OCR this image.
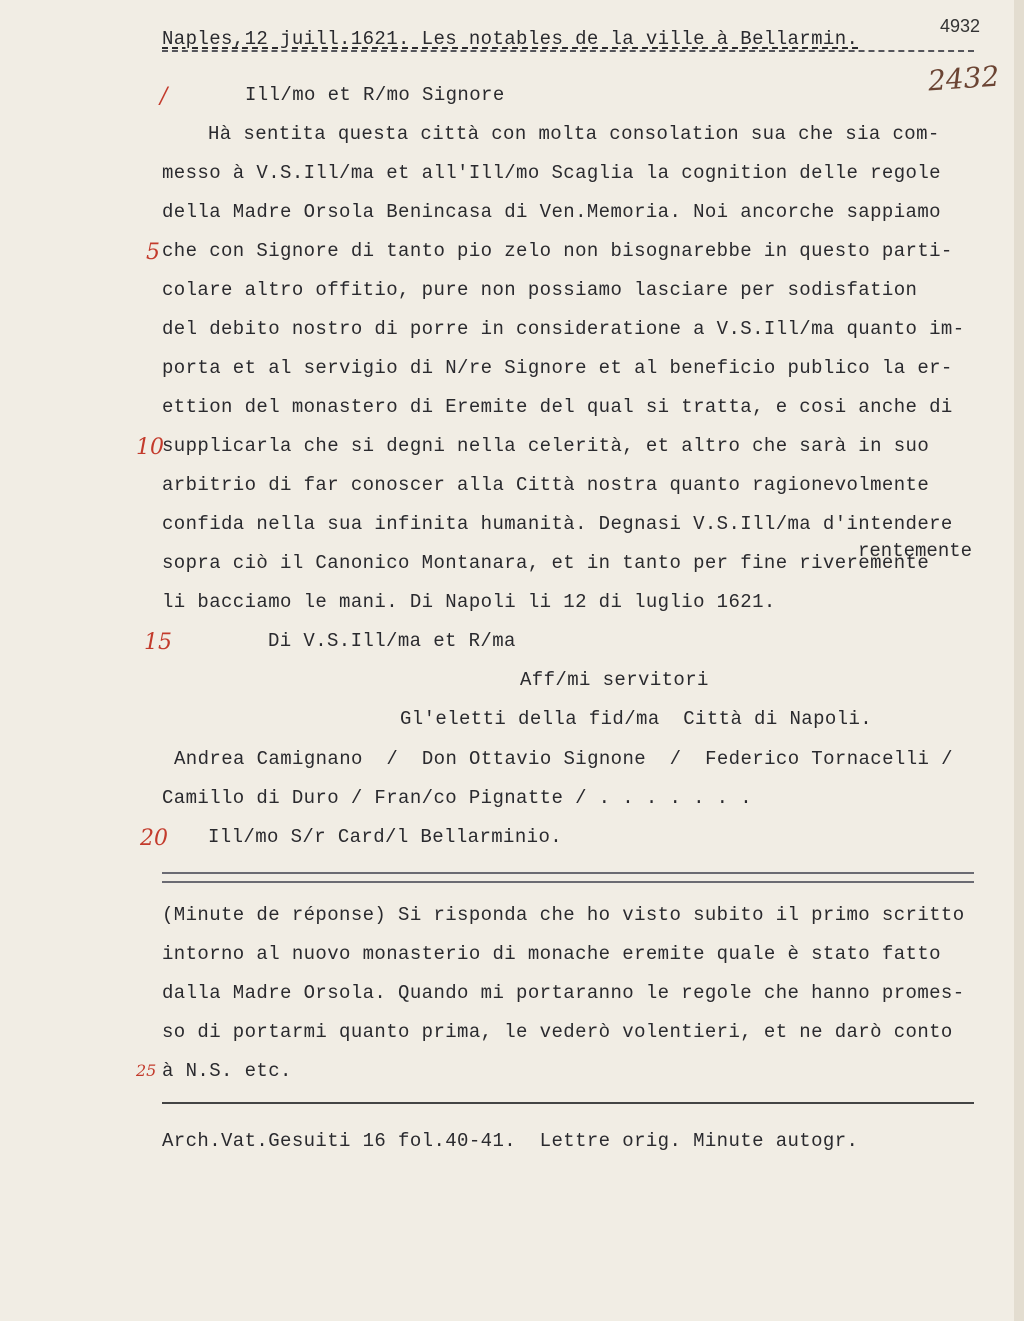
Naples,12 juill.1621. Les notables de la ville à Bellarmin.
4932
2432
/
5
10
15
20
25
Ill/mo et R/mo Signore
Hà sentita questa città con molta consolation sua che sia com-
messo à V.S.Ill/ma et all'Ill/mo Scaglia la cognition delle regole
della Madre Orsola Benincasa di Ven.Memoria. Noi ancorche sappiamo
che con Signore di tanto pio zelo non bisognarebbe in questo parti-
colare altro offitio, pure non possiamo lasciare per sodisfation
del debito nostro di porre in consideratione a V.S.Ill/ma quanto im-
porta et al servigio di N/re Signore et al beneficio publico la er-
ettion del monastero di Eremite del qual si tratta, e cosi anche di
supplicarla che si degni nella celerità, et altro che sarà in suo
arbitrio di far conoscer alla Città nostra quanto ragionevolmente
confida nella sua infinita humanità. Degnasi V.S.Ill/ma d'intendere
rentemente
sopra ciò il Canonico Montanara, et in tanto per fine riveremente
li bacciamo le mani. Di Napoli li 12 di luglio 1621.
Di V.S.Ill/ma et R/ma
Aff/mi servitori
Gl'eletti della fid/ma  Città di Napoli.
Andrea Camignano  /  Don Ottavio Signone  /  Federico Tornacelli /
Camillo di Duro / Fran/co Pignatte / . . . . . . .
Ill/mo S/r Card/l Bellarminio.
(Minute de réponse) Si risponda che ho visto subito il primo scritto
intorno al nuovo monasterio di monache eremite quale è stato fatto
dalla Madre Orsola. Quando mi portaranno le regole che hanno promes-
so di portarmi quanto prima, le vederò volentieri, et ne darò conto
à N.S. etc.
Arch.Vat.Gesuiti 16 fol.40-41.  Lettre orig. Minute autogr.
